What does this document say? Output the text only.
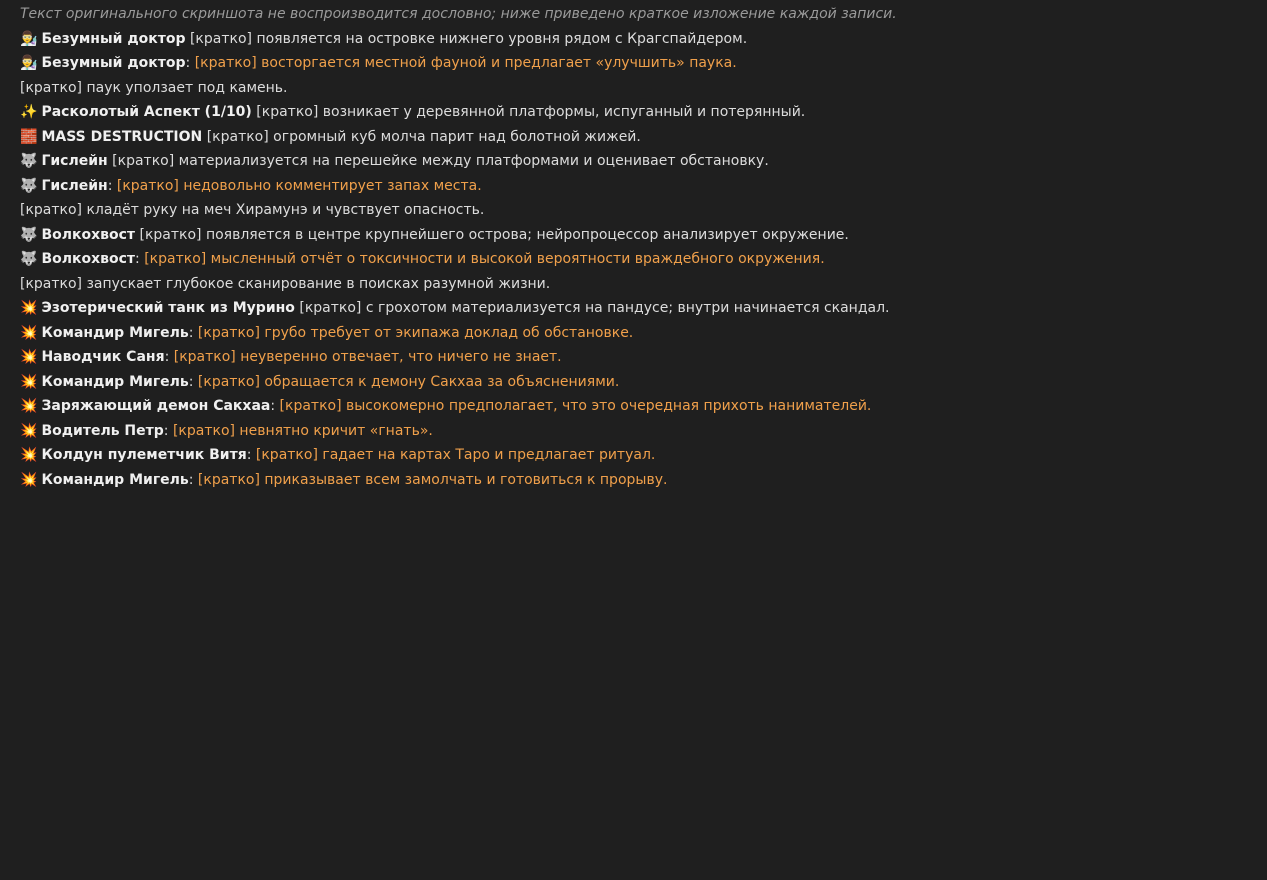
Текст оригинального скриншота не воспроизводится дословно; ниже приведено краткое изложение каждой записи.
👨‍🔬 Безумный доктор [кратко] появляется на островке нижнего уровня рядом с Крагспайдером.
👨‍🔬 Безумный доктор: [кратко] восторгается местной фауной и предлагает «улучшить» паука.
[кратко] паук уползает под камень.
✨ Расколотый Аспект (1/10) [кратко] возникает у деревянной платформы, испуганный и потерянный.
🧱 MASS DESTRUCTION [кратко] огромный куб молча парит над болотной жижей.
🐺 Гислейн [кратко] материализуется на перешейке между платформами и оценивает обстановку.
🐺 Гислейн: [кратко] недовольно комментирует запах места.
[кратко] кладёт руку на меч Хирамунэ и чувствует опасность.
🐺 Волкохвост [кратко] появляется в центре крупнейшего острова; нейропроцессор анализирует окружение.
🐺 Волкохвост: [кратко] мысленный отчёт о токсичности и высокой вероятности враждебного окружения.
[кратко] запускает глубокое сканирование в поисках разумной жизни.
💥 Эзотерический танк из Мурино [кратко] с грохотом материализуется на пандусе; внутри начинается скандал.
💥 Командир Мигель: [кратко] грубо требует от экипажа доклад об обстановке.
💥 Наводчик Саня: [кратко] неуверенно отвечает, что ничего не знает.
💥 Командир Мигель: [кратко] обращается к демону Сакхаа за объяснениями.
💥 Заряжающий демон Сакхаа: [кратко] высокомерно предполагает, что это очередная прихоть нанимателей.
💥 Водитель Петр: [кратко] невнятно кричит «гнать».
💥 Колдун пулеметчик Витя: [кратко] гадает на картах Таро и предлагает ритуал.
💥 Командир Мигель: [кратко] приказывает всем замолчать и готовиться к прорыву.
